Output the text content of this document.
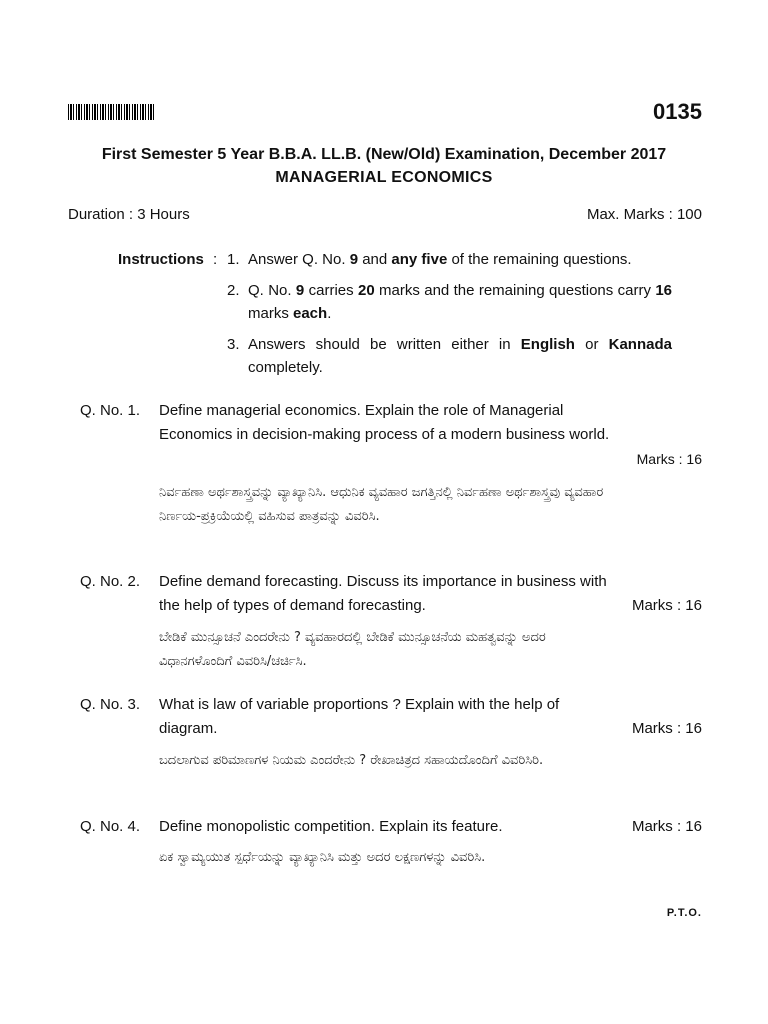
0135
First Semester 5 Year B.B.A. LL.B. (New/Old) Examination, December 2017
MANAGERIAL ECONOMICS
Duration : 3 Hours	Max. Marks : 100
Instructions : 1. Answer Q. No. 9 and any five of the remaining questions.
2. Q. No. 9 carries 20 marks and the remaining questions carry 16 marks each.
3. Answers should be written either in English or Kannada completely.
Q. No. 1. Define managerial economics. Explain the role of Managerial Economics in decision-making process of a modern business world.
Marks : 16
ನಿರ್ವಹಣಾ ಅರ್ಥಶಾಸ್ತ್ರವನ್ನು ವ್ಯಾಖ್ಯಾನಿಸಿ. ಆಧುನಿಕ ವ್ಯವಹಾರ ಜಗತ್ತಿನಲ್ಲಿ ನಿರ್ವಹಣಾ ಅರ್ಥಶಾಸ್ತ್ರವು ವ್ಯವಹಾರ ನಿರ್ಣಯ-ಪ್ರಕ್ರಿಯೆಯಲ್ಲಿ ವಹಿಸುವ ಪಾತ್ರವನ್ನು ವಿವರಿಸಿ.
Q. No. 2. Define demand forecasting. Discuss its importance in business with the help of types of demand forecasting.	Marks : 16
ಬೇಡಿಕೆ ಮುನ್ಸೂಚನೆ ಎಂದರೇನು ? ವ್ಯವಹಾರದಲ್ಲಿ ಬೇಡಿಕೆ ಮುನ್ಸೂಚನೆಯ ಮಹತ್ವವನ್ನು ಅದರ ವಿಧಾನಗಳೊಂದಿಗೆ ವಿವರಿಸಿ/ಚರ್ಚಿಸಿ.
Q. No. 3. What is law of variable proportions ? Explain with the help of diagram.	Marks : 16
ಬದಲಾಗುವ ಪರಿಮಾಣಗಳ ನಿಯಮ ಎಂದರೇನು ? ರೇಖಾಚಿತ್ರದ ಸಹಾಯದೊಂದಿಗೆ ವಿವರಿಸಿರಿ.
Q. No. 4. Define monopolistic competition. Explain its feature.	Marks : 16
ಏಕ ಸ್ವಾಮ್ಯಯುತ ಸ್ಪರ್ಧೆಯನ್ನು ವ್ಯಾಖ್ಯಾನಿಸಿ ಮತ್ತು ಅದರ ಲಕ್ಷಣಗಳನ್ನು ವಿವರಿಸಿ.
P.T.O.
